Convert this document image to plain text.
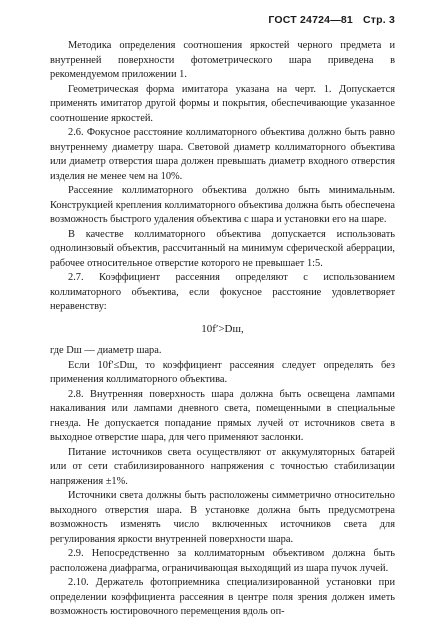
ГОСТ 24724—81 Стр. 3

Методика определения соотношения яркостей черного предмета и внутренней поверхности фотометрического шара приведена в рекомендуемом приложении 1.

Геометрическая форма имитатора указана на черт. 1. Допускается применять имитатор другой формы и покрытия, обеспечивающие указанное соотношение яркостей.

2.6. Фокусное расстояние коллиматорного объектива должно быть равно внутреннему диаметру шара. Световой диаметр коллиматорного объектива или диаметр отверстия шара должен превышать диаметр входного отверстия изделия не менее чем на 10%.

Рассеяние коллиматорного объектива должно быть минимальным. Конструкцией крепления коллиматорного объектива должна быть обеспечена возможность быстрого удаления объектива с шара и установки его на шаре.

В качестве коллиматорного объектива допускается использовать однолинзовый объектив, рассчитанный на минимум сферической аберрации, рабочее относительное отверстие которого не превышает 1:5.

2.7. Коэффициент рассеяния определяют с использованием коллиматорного объектива, если фокусное расстояние удовлетворяет неравенству:

10f′>Dш,

где Dш — диаметр шара.

Если 10f′≤Dш, то коэффициент рассеяния следует определять без применения коллиматорного объектива.

2.8. Внутренняя поверхность шара должна быть освещена лампами накаливания или лампами дневного света, помещенными в специальные гнезда. Не допускается попадание прямых лучей от источников света в выходное отверстие шара, для чего применяют заслонки.

Питание источников света осуществляют от аккумуляторных батарей или от сети стабилизированного напряжения с точностью стабилизации напряжения ±1%.

Источники света должны быть расположены симметрично относительно выходного отверстия шара. В установке должна быть предусмотрена возможность изменять число включенных источников света для регулирования яркости внутренней поверхности шара.

2.9. Непосредственно за коллиматорным объективом должна быть расположена диафрагма, ограничивающая выходящий из шара пучок лучей.

2.10. Держатель фотоприемника специализированной установки при определении коэффициента рассеяния в центре поля зрения должен иметь возможность юстировочного перемещения вдоль оп-
